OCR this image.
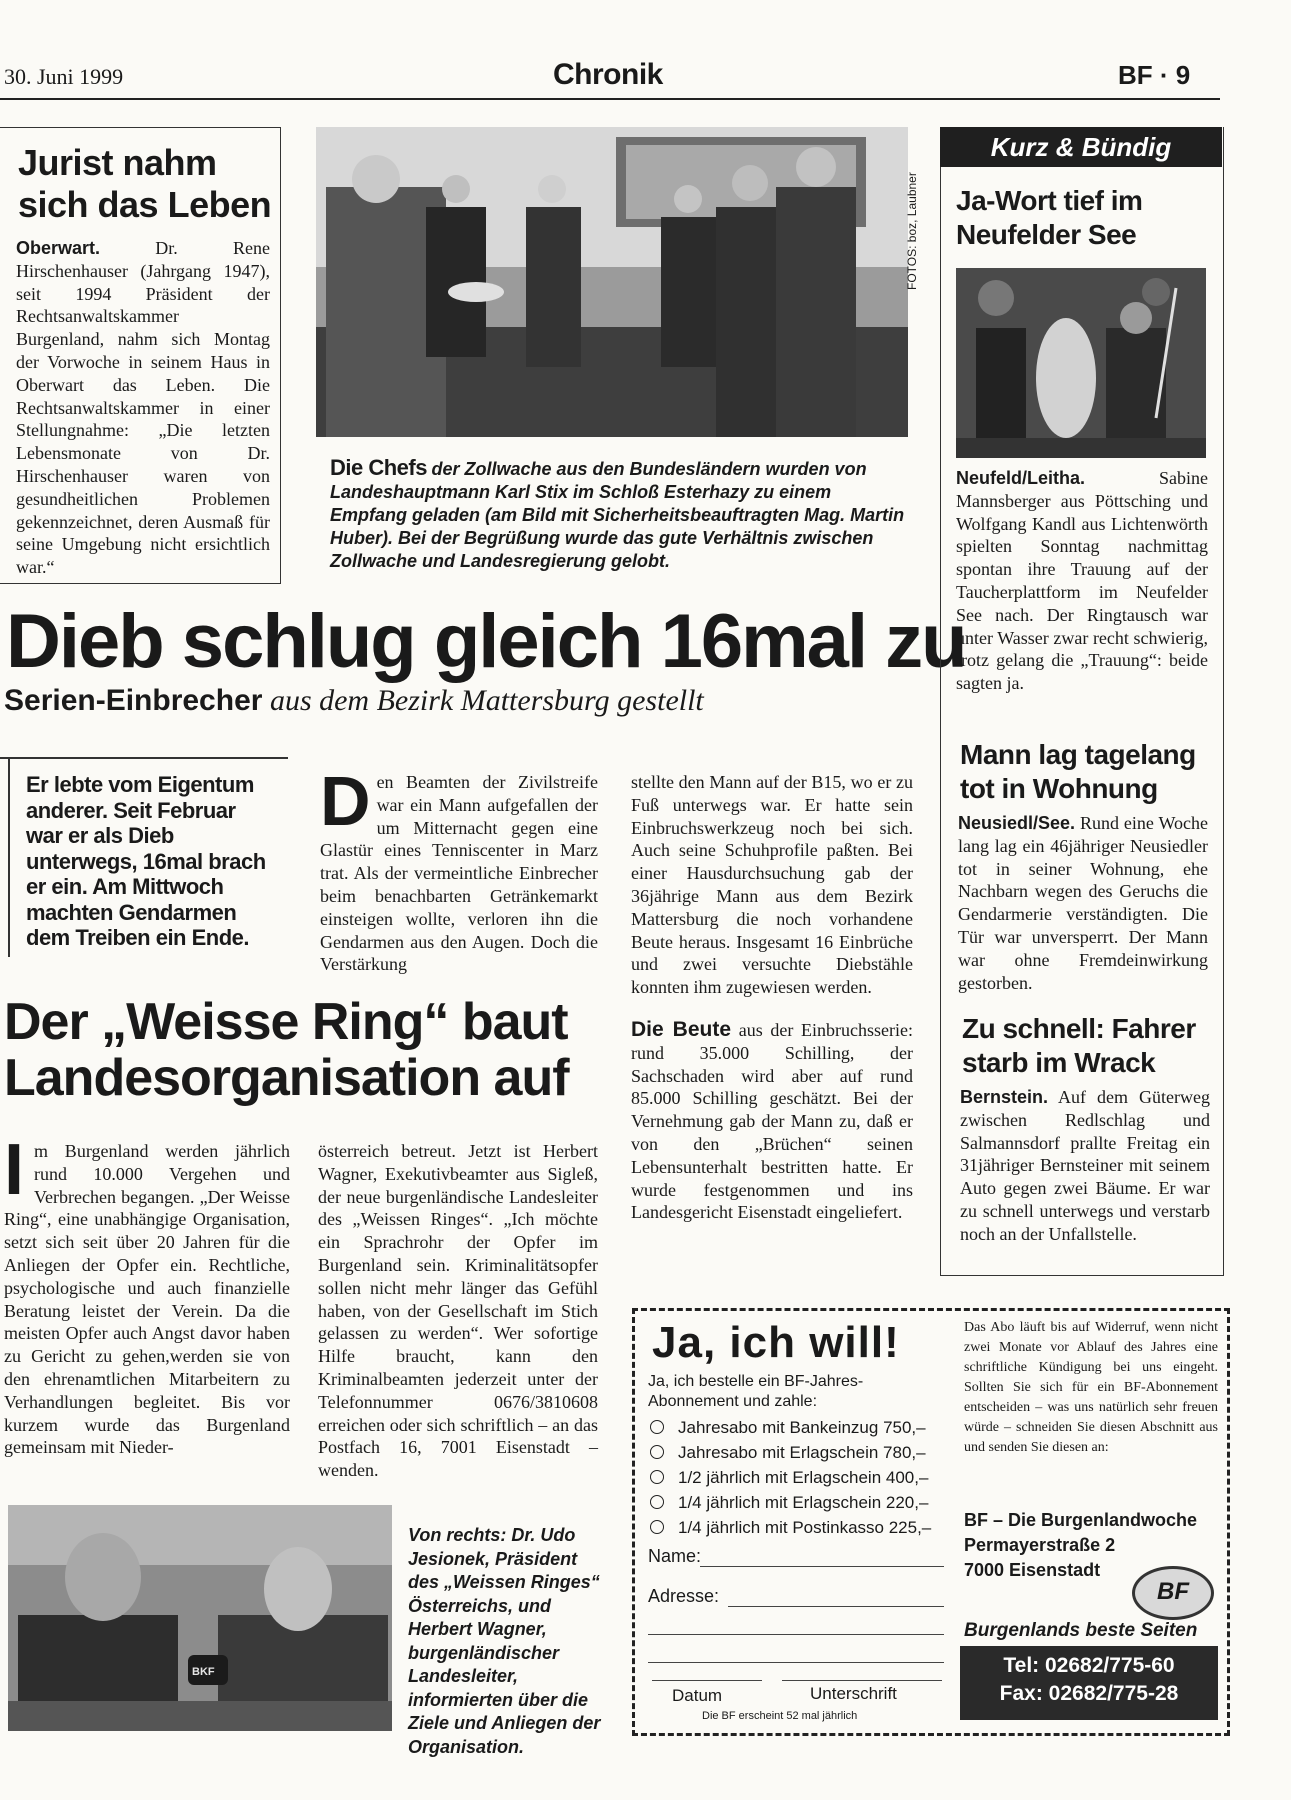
30. Juni 1999	Chronik	BF · 9
Jurist nahm sich das Leben
Oberwart.	Dr. Rene Hirschenhauser (Jahrgang 1947), seit 1994 Präsident der Rechtsanwaltskammer Burgenland, nahm sich Montag der Vorwoche in seinem Haus in Oberwart das Leben. Die Rechtsanwaltskammer in einer Stellungnahme: „Die letzten Lebensmonate von Dr. Hirschenhauser waren von gesundheitlichen Problemen gekennzeichnet, deren Ausmaß für seine Umgebung nicht ersichtlich war.“
FOTOS: boz, Laubner
Die Chefs der Zollwache aus den Bundesländern wurden von Landeshauptmann Karl Stix im Schloß Esterhazy zu einem Empfang geladen (am Bild mit Sicherheitsbeauftragten Mag. Martin Huber). Bei der Begrüßung wurde das gute Verhältnis zwischen Zollwache und Landesregierung gelobt.
Dieb schlug gleich 16mal zu
Serien-Einbrecher aus dem Bezirk Mattersburg gestellt
Er lebte vom Eigentum anderer. Seit Februar war er als Dieb unterwegs, 16mal brach er ein. Am Mittwoch machten Gendarmen dem Treiben ein Ende.
D en Beamten der Zivilstreife war ein Mann aufgefallen der um Mitternacht gegen eine Glastür eines Tenniscenter in Marz trat. Als der vermeintliche Einbrecher beim benachbarten Getränkemarkt einsteigen wollte, verloren ihn die Gendarmen aus den Augen. Doch die Verstärkung

stellte den Mann auf der B15, wo er zu Fuß unterwegs war. Er hatte sein Einbruchswerkzeug noch bei sich. Auch seine Schuhprofile paßten. Bei einer Hausdurchsuchung gab der 36jährige Mann aus dem Bezirk Mattersburg die noch vorhandene Beute heraus. Insgesamt 16 Einbrüche und zwei versuchte Diebstähle konnten ihm zugewiesen werden.

Die Beute aus der Einbruchsserie: rund 35.000 Schilling, der Sachschaden wird aber auf rund 85.000 Schilling geschätzt. Bei der Vernehmung gab der Mann zu, daß er von den „Brüchen“ seinen Lebensunterhalt bestritten hatte. Er wurde festgenommen und ins Landesgericht Eisenstadt eingeliefert.

Der „Weisse Ring“ baut Landesorganisation auf
I m Burgenland werden jährlich rund 10.000 Vergehen und Verbrechen begangen. „Der Weisse Ring“, eine unabhängige Organisation, setzt sich seit über 20 Jahren für die Anliegen der Opfer ein. Rechtliche, psychologische und auch finanzielle Beratung leistet der Verein. Da die meisten Opfer auch Angst davor haben zu Gericht zu gehen,werden sie von den ehrenamtlichen Mitarbeitern zu Verhandlungen begleitet. Bis vor kurzem wurde das Burgenland gemeinsam mit Nieder-
österreich betreut. Jetzt ist Herbert Wagner, Exekutivbeamter aus Sigleß, der neue burgenländische Landesleiter des „Weissen Ringes“. „Ich möchte ein Sprachrohr der Opfer im Burgenland sein. Kriminalitätsopfer sollen nicht mehr länger das Gefühl haben, von der Gesellschaft im Stich gelassen zu werden“. Wer sofortige Hilfe braucht, kann den Kriminalbeamten jederzeit unter der Telefonnummer 0676/3810608 erreichen oder sich schriftlich – an das Postfach 16, 7001 Eisenstadt – wenden.
BKF
Von rechts: Dr. Udo Jesionek, Präsident des „Weissen Ringes“ Österreichs, und Herbert Wagner, burgenländischer Landesleiter, informierten über die Ziele und Anliegen der Organisation.
Kurz & Bündig
Ja-Wort tief im Neufelder See
Neufeld/Leitha.	Sabine Mannsberger aus Pöttsching und Wolfgang Kandl aus Lichtenwörth spielten Sonntag nachmittag spontan ihre Trauung auf der Taucherplattform im Neufelder See nach. Der Ringtausch war unter Wasser zwar recht schwierig, trotz gelang die „Trauung“: beide sagten ja.
Mann lag tagelang tot in Wohnung
Neusiedl/See. Rund eine Woche lang lag ein 46jähriger Neusiedler tot in seiner Wohnung, ehe Nachbarn wegen des Geruchs die Gendarmerie verständigten. Die Tür war unversperrt. Der Mann war ohne Fremdeinwirkung gestorben.
Zu schnell: Fahrer starb im Wrack
Bernstein. Auf dem Güterweg zwischen Redlschlag und Salmannsdorf prallte Freitag ein 31jähriger Bernsteiner mit seinem Auto gegen zwei Bäume. Er war zu schnell unterwegs und verstarb noch an der Unfallstelle.
Ja, ich will!
Ja, ich bestelle ein BF-Jahres-Abonnement und zahle:
Jahresabo mit Bankeinzug 750,–
Jahresabo mit Erlagschein 780,–
1/2 jährlich mit Erlagschein 400,–
1/4 jährlich mit Erlagschein 220,–
1/4 jährlich mit Postinkasso 225,–
Name:
Adresse:
Datum	Unterschrift
Die BF erscheint 52 mal jährlich
Das Abo läuft bis auf Widerruf, wenn nicht zwei Monate vor Ablauf des Jahres eine schriftliche Kündigung bei uns eingeht. Sollten Sie sich für ein BF-Abonnement entscheiden – was uns natürlich sehr freuen würde – schneiden Sie diesen Abschnitt aus und senden Sie diesen an:
BF – Die Burgenlandwoche
Permayerstraße 2
7000 Eisenstadt
BF
Burgenlands beste Seiten
Tel: 02682/775-60
Fax: 02682/775-28
